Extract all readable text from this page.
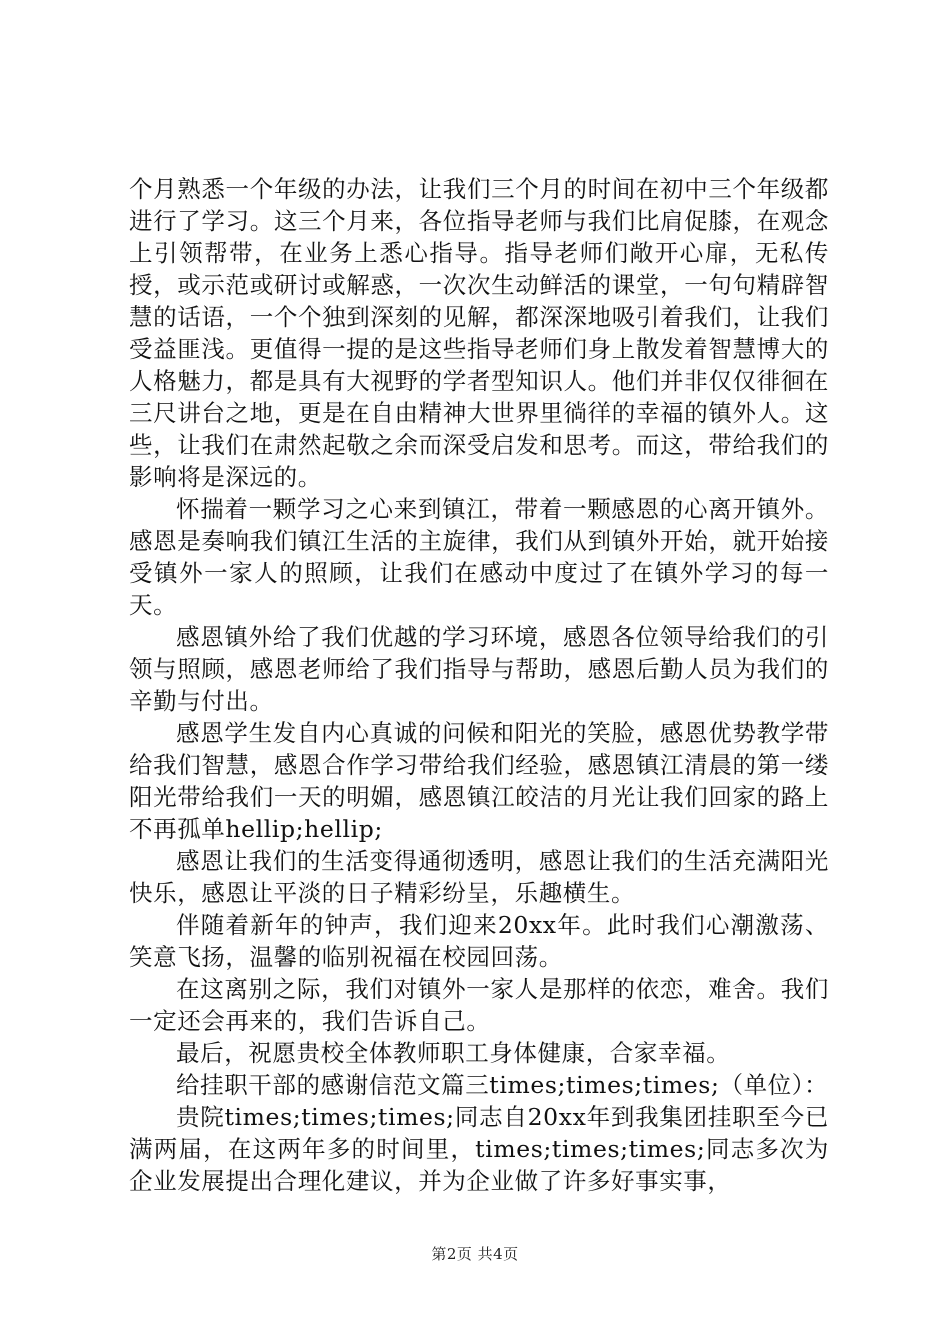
个月熟悉一个年级的办法，让我们三个月的时间在初中三个年级都进行了学习。这三个月来，各位指导老师与我们比肩促膝，在观念上引领帮带，在业务上悉心指导。指导老师们敞开心扉，无私传授，或示范或研讨或解惑，一次次生动鲜活的课堂，一句句精辟智慧的话语，一个个独到深刻的见解，都深深地吸引着我们，让我们受益匪浅。更值得一提的是这些指导老师们身上散发着智慧博大的人格魅力，都是具有大视野的学者型知识人。他们并非仅仅徘徊在三尺讲台之地，更是在自由精神大世界里徜徉的幸福的镇外人。这些，让我们在肃然起敬之余而深受启发和思考。而这，带给我们的影响将是深远的。

怀揣着一颗学习之心来到镇江，带着一颗感恩的心离开镇外。感恩是奏响我们镇江生活的主旋律，我们从到镇外开始，就开始接受镇外一家人的照顾，让我们在感动中度过了在镇外学习的每一天。

感恩镇外给了我们优越的学习环境，感恩各位领导给我们的引领与照顾，感恩老师给了我们指导与帮助，感恩后勤人员为我们的辛勤与付出。

感恩学生发自内心真诚的问候和阳光的笑脸，感恩优势教学带给我们智慧，感恩合作学习带给我们经验，感恩镇江清晨的第一缕阳光带给我们一天的明媚，感恩镇江皎洁的月光让我们回家的路上不再孤单hellip;hellip;

感恩让我们的生活变得通彻透明，感恩让我们的生活充满阳光快乐，感恩让平淡的日子精彩纷呈，乐趣横生。

伴随着新年的钟声，我们迎来20xx年。此时我们心潮激荡、笑意飞扬，温馨的临别祝福在校园回荡。

在这离别之际，我们对镇外一家人是那样的依恋，难舍。我们一定还会再来的，我们告诉自己。

最后，祝愿贵校全体教师职工身体健康，合家幸福。

给挂职干部的感谢信范文篇三times;times;times;（单位）：

贵院times;times;times;同志自20xx年到我集团挂职至今已满两届，在这两年多的时间里，times;times;times;同志多次为企业发展提出合理化建议，并为企业做了许多好事实事，

第2页 共4页
